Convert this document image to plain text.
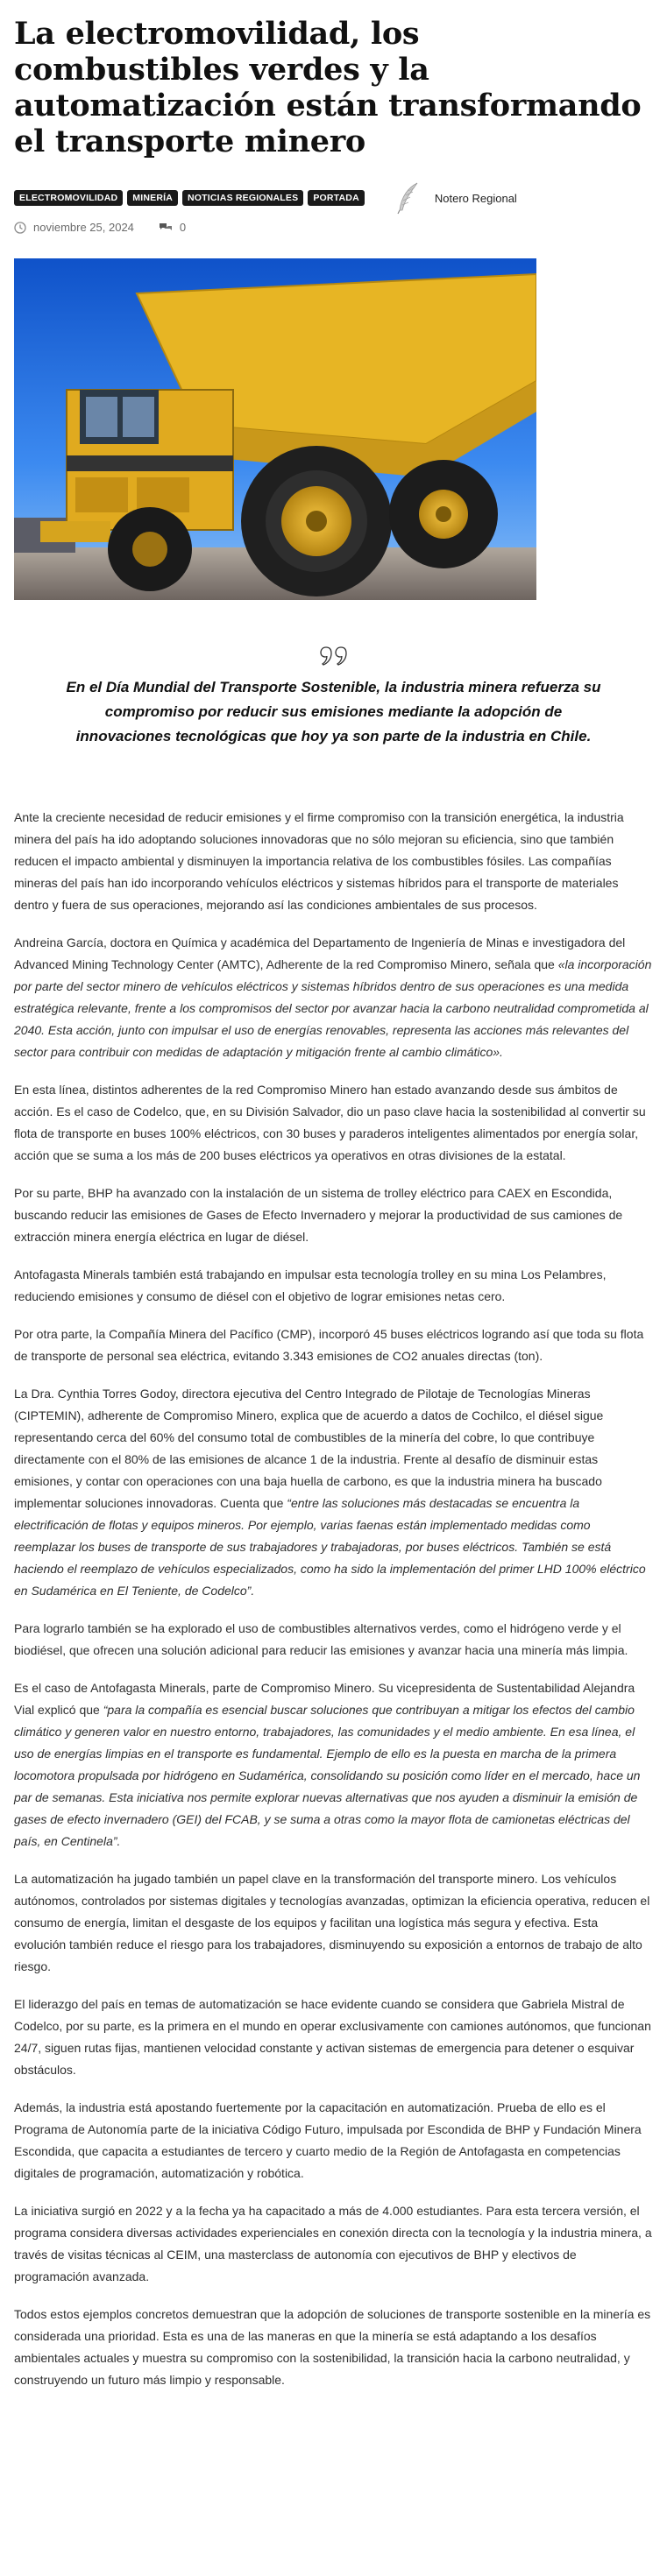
La electromovilidad, los combustibles verdes y la automatización están transformando el transporte minero
ELECTROMOVILIDAD	MINERÍA	NOTICIAS REGIONALES	PORTADA	Notero Regional
noviembre 25, 2024	0

En el Día Mundial del Transporte Sostenible, la industria minera refuerza su compromiso por reducir sus emisiones mediante la adopción de innovaciones tecnológicas que hoy ya son parte de la industria en Chile.

Ante la creciente necesidad de reducir emisiones y el firme compromiso con la transición energética, la industria minera del país ha ido adoptando soluciones innovadoras que no sólo mejoran su eficiencia, sino que también reducen el impacto ambiental y disminuyen la importancia relativa de los combustibles fósiles. Las compañías mineras del país han ido incorporando vehículos eléctricos y sistemas híbridos para el transporte de materiales dentro y fuera de sus operaciones, mejorando así las condiciones ambientales de sus procesos.

Andreina García, doctora en Química y académica del Departamento de Ingeniería de Minas e investigadora del Advanced Mining Technology Center (AMTC), Adherente de la red Compromiso Minero, señala que «la incorporación por parte del sector minero de vehículos eléctricos y sistemas híbridos dentro de sus operaciones es una medida estratégica relevante, frente a los compromisos del sector por avanzar hacia la carbono neutralidad comprometida al 2040. Esta acción, junto con impulsar el uso de energías renovables, representa las acciones más relevantes del sector para contribuir con medidas de adaptación y mitigación frente al cambio climático».

En esta línea, distintos adherentes de la red Compromiso Minero han estado avanzando desde sus ámbitos de acción. Es el caso de Codelco, que, en su División Salvador, dio un paso clave hacia la sostenibilidad al convertir su flota de transporte en buses 100% eléctricos, con 30 buses y paraderos inteligentes alimentados por energía solar, acción que se suma a los más de 200 buses eléctricos ya operativos en otras divisiones de la estatal.

Por su parte, BHP ha avanzado con la instalación de un sistema de trolley eléctrico para CAEX en Escondida, buscando reducir las emisiones de Gases de Efecto Invernadero y mejorar la productividad de sus camiones de extracción minera energía eléctrica en lugar de diésel.

Antofagasta Minerals también está trabajando en impulsar esta tecnología trolley en su mina Los Pelambres, reduciendo emisiones y consumo de diésel con el objetivo de lograr emisiones netas cero.

Por otra parte, la Compañía Minera del Pacífico (CMP), incorporó 45 buses eléctricos logrando así que toda su flota de transporte de personal sea eléctrica, evitando 3.343 emisiones de CO2 anuales directas (ton).

La Dra. Cynthia Torres Godoy, directora ejecutiva del Centro Integrado de Pilotaje de Tecnologías Mineras (CIPTEMIN), adherente de Compromiso Minero, explica que de acuerdo a datos de Cochilco, el diésel sigue representando cerca del 60% del consumo total de combustibles de la minería del cobre, lo que contribuye directamente con el 80% de las emisiones de alcance 1 de la industria. Frente al desafío de disminuir estas emisiones, y contar con operaciones con una baja huella de carbono, es que la industria minera ha buscado implementar soluciones innovadoras. Cuenta que “entre las soluciones más destacadas se encuentra la electrificación de flotas y equipos mineros. Por ejemplo, varias faenas están implementado medidas como reemplazar los buses de transporte de sus trabajadores y trabajadoras, por buses eléctricos. También se está haciendo el reemplazo de vehículos especializados, como ha sido la implementación del primer LHD 100% eléctrico en Sudamérica en El Teniente, de Codelco”.

Para lograrlo también se ha explorado el uso de combustibles alternativos verdes, como el hidrógeno verde y el biodiésel, que ofrecen una solución adicional para reducir las emisiones y avanzar hacia una minería más limpia.

Es el caso de Antofagasta Minerals, parte de Compromiso Minero. Su vicepresidenta de Sustentabilidad Alejandra Vial explicó que “para la compañía es esencial buscar soluciones que contribuyan a mitigar los efectos del cambio climático y generen valor en nuestro entorno, trabajadores, las comunidades y el medio ambiente. En esa línea, el uso de energías limpias en el transporte es fundamental. Ejemplo de ello es la puesta en marcha de la primera locomotora propulsada por hidrógeno en Sudamérica, consolidando su posición como líder en el mercado, hace un par de semanas. Esta iniciativa nos permite explorar nuevas alternativas que nos ayuden a disminuir la emisión de gases de efecto invernadero (GEI) del FCAB, y se suma a otras como la mayor flota de camionetas eléctricas del país, en Centinela”.

La automatización ha jugado también un papel clave en la transformación del transporte minero. Los vehículos autónomos, controlados por sistemas digitales y tecnologías avanzadas, optimizan la eficiencia operativa, reducen el consumo de energía, limitan el desgaste de los equipos y facilitan una logística más segura y efectiva. Esta evolución también reduce el riesgo para los trabajadores, disminuyendo su exposición a entornos de trabajo de alto riesgo.

El liderazgo del país en temas de automatización se hace evidente cuando se considera que Gabriela Mistral de Codelco, por su parte, es la primera en el mundo en operar exclusivamente con camiones autónomos, que funcionan 24/7, siguen rutas fijas, mantienen velocidad constante y activan sistemas de emergencia para detener o esquivar obstáculos.

Además, la industria está apostando fuertemente por la capacitación en automatización. Prueba de ello es el Programa de Autonomía parte de la iniciativa Código Futuro, impulsada por Escondida de BHP y Fundación Minera Escondida, que capacita a estudiantes de tercero y cuarto medio de la Región de Antofagasta en competencias digitales de programación, automatización y robótica.

La iniciativa surgió en 2022 y a la fecha ya ha capacitado a más de 4.000 estudiantes. Para esta tercera versión, el programa considera diversas actividades experienciales en conexión directa con la tecnología y la industria minera, a través de visitas técnicas al CEIM, una masterclass de autonomía con ejecutivos de BHP y electivos de programación avanzada.

Todos estos ejemplos concretos demuestran que la adopción de soluciones de transporte sostenible en la minería es considerada una prioridad. Esta es una de las maneras en que la minería se está adaptando a los desafíos ambientales actuales y muestra su compromiso con la sostenibilidad, la transición hacia la carbono neutralidad, y construyendo un futuro más limpio y responsable.
